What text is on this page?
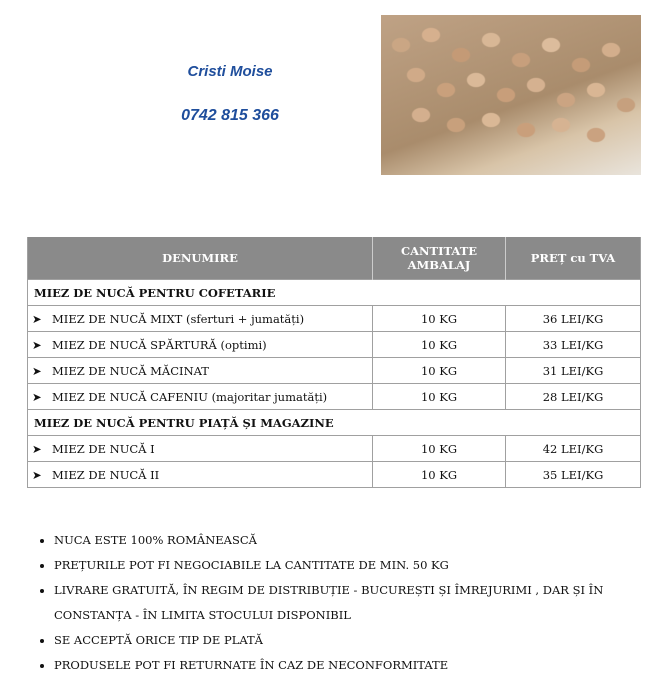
Cristi Moise
0742 815 366
DENUMIRE	CANTITATE AMBALAJ	PREȚ cu TVA
MIEZ DE NUCĂ PENTRU COFETARIE		
➤ MIEZ DE NUCĂ MIXT (sferturi + jumatăți)	10 KG	36 LEI/KG
➤ MIEZ DE NUCĂ SPĂRTURĂ (optimi)	10 KG	33 LEI/KG
➤ MIEZ DE NUCĂ MĂCINAT	10 KG	31 LEI/KG
➤ MIEZ DE NUCĂ CAFENIU (majoritar jumatăți)	10 KG	28 LEI/KG
MIEZ DE NUCĂ PENTRU PIAȚĂ ȘI MAGAZINE		
➤ MIEZ DE NUCĂ I	10 KG	42 LEI/KG
➤ MIEZ DE NUCĂ II	10 KG	35 LEI/KG
• NUCA ESTE 100% ROMÂNEASCĂ
• PREȚURILE POT FI NEGOCIABILE LA CANTITATE DE MIN. 50 KG
• LIVRARE GRATUITĂ, ÎN REGIM DE DISTRIBUȚIE - BUCUREȘTI ȘI ÎMREJURIMI , DAR ȘI ÎN CONSTANȚA - ÎN LIMITA STOCULUI DISPONIBIL
• SE ACCEPTĂ ORICE TIP DE PLATĂ
• PRODUSELE POT FI RETURNATE ÎN CAZ DE NECONFORMITATE
